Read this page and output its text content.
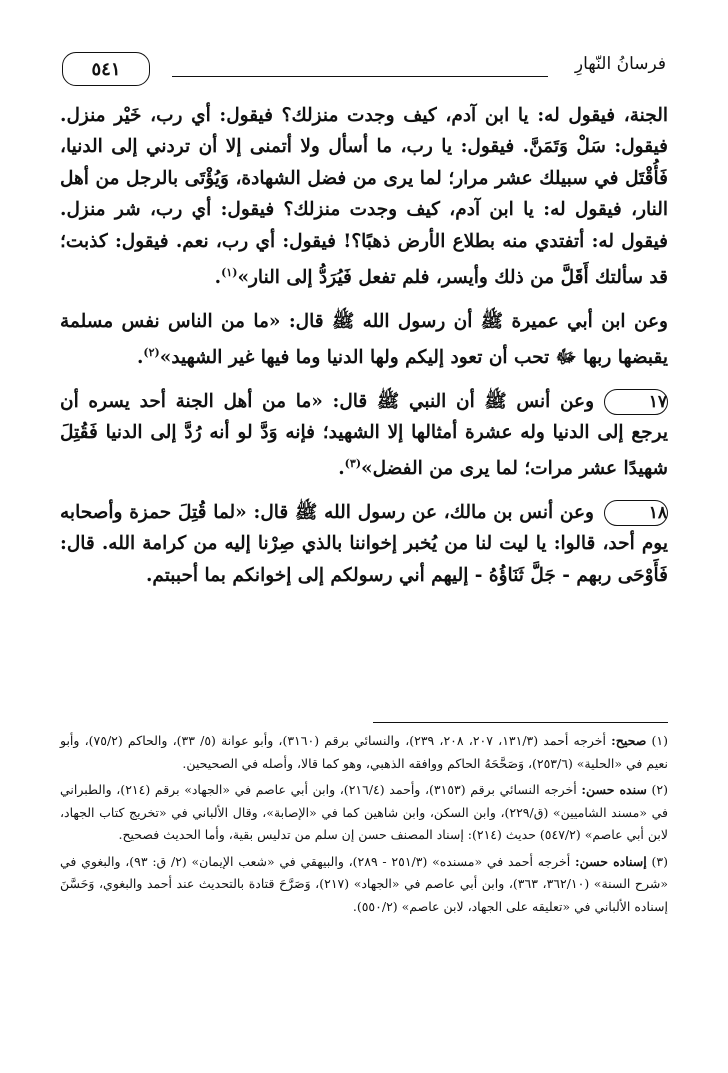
فرسانُ النّهارِ
٥٤١

الجنة، فيقول له: يا ابن آدم، كيف وجدت منزلك؟ فيقول: أي رب، خَيْر منزل. فيقول: سَلْ وَتَمَنَّ. فيقول: يا رب، ما أسأل ولا أتمنى إلا أن تردني إلى الدنيا، فَأُقْتَل في سبيلك عشر مرار؛ لما يرى من فضل الشهادة، وَيُؤْتَى بالرجل من أهل النار، فيقول له: يا ابن آدم، كيف وجدت منزلك؟ فيقول: أي رب، شر منزل. فيقول له: أتفتدي منه بطلاع الأرض ذهبًا؟! فيقول: أي رب، نعم. فيقول: كذبت؛ قد سألتك أَقَلَّ من ذلك وأيسر، فلم تفعل فَيُرَدُّ إلى النار»$^{(١)}$.

وعن ابن أبي عميرة ﷺ أن رسول الله ﷺ قال: «ما من الناس نفس مسلمة يقبضها ربها ﷻ تحب أن تعود إليكم ولها الدنيا وما فيها غير الشهيد»$^{(٢)}$.

١٧وعن أنس ﷺ أن النبي ﷺ قال: «ما من أهل الجنة أحد يسره أن يرجع إلى الدنيا وله عشرة أمثالها إلا الشهيد؛ فإنه وَدَّ لو أنه رُدَّ إلى الدنيا فَقُتِلَ شهيدًا عشر مرات؛ لما يرى من الفضل»$^{(٣)}$.

١٨وعن أنس بن مالك، عن رسول الله ﷺ قال: «لما قُتِلَ حمزة وأصحابه يوم أحد، قالوا: يا ليت لنا من يُخبر إخواننا بالذي صِرْنا إليه من كرامة الله. قال: فَأَوْحَى ربهم - جَلَّ ثَنَاؤُهُ - إليهم أني رسولكم إلى إخوانكم بما أحببتم.

(١) صحيح: أخرجه أحمد (١٣١/٣، ٢٠٧، ٢٠٨، ٢٣٩)، والنسائي برقم (٣١٦٠)، وأبو عوانة (٥/ ٣٣)، والحاكم (٧٥/٢)، وأبو نعيم في «الحلية» (٢٥٣/٦)، وَصَحَّحَهُ الحاكم ووافقه الذهبي، وهو كما قالا، وأصله في الصحيحين.

(٢) سنده حسن: أخرجه النسائي برقم (٣١٥٣)، وأحمد (٢١٦/٤)، وابن أبي عاصم في «الجهاد» برقم (٢١٤)، والطبراني في «مسند الشاميين» (ق/٢٢٩)، وابن السكن، وابن شاهين كما في «الإصابة»، وقال الألباني في «تخريج كتاب الجهاد، لابن أبي عاصم» (٥٤٧/٢) حديث (٢١٤): إسناد المصنف حسن إن سلم من تدليس بقية، وأما الحديث فصحيح.

(٣) إسناده حسن: أخرجه أحمد في «مسنده» (٢٥١/٣ - ٢٨٩)، والبيهقي في «شعب الإيمان» (٢/ ق: ٩٣)، والبغوي في «شرح السنة» (٣٦٢/١٠، ٣٦٣)، وابن أبي عاصم في «الجهاد» (٢١٧)، وَصَرَّحَ قتادة بالتحديث عند أحمد والبغوي، وَحَسَّنَ إسناده الألباني في «تعليقه على الجهاد، لابن عاصم» (٥٥٠/٢).
